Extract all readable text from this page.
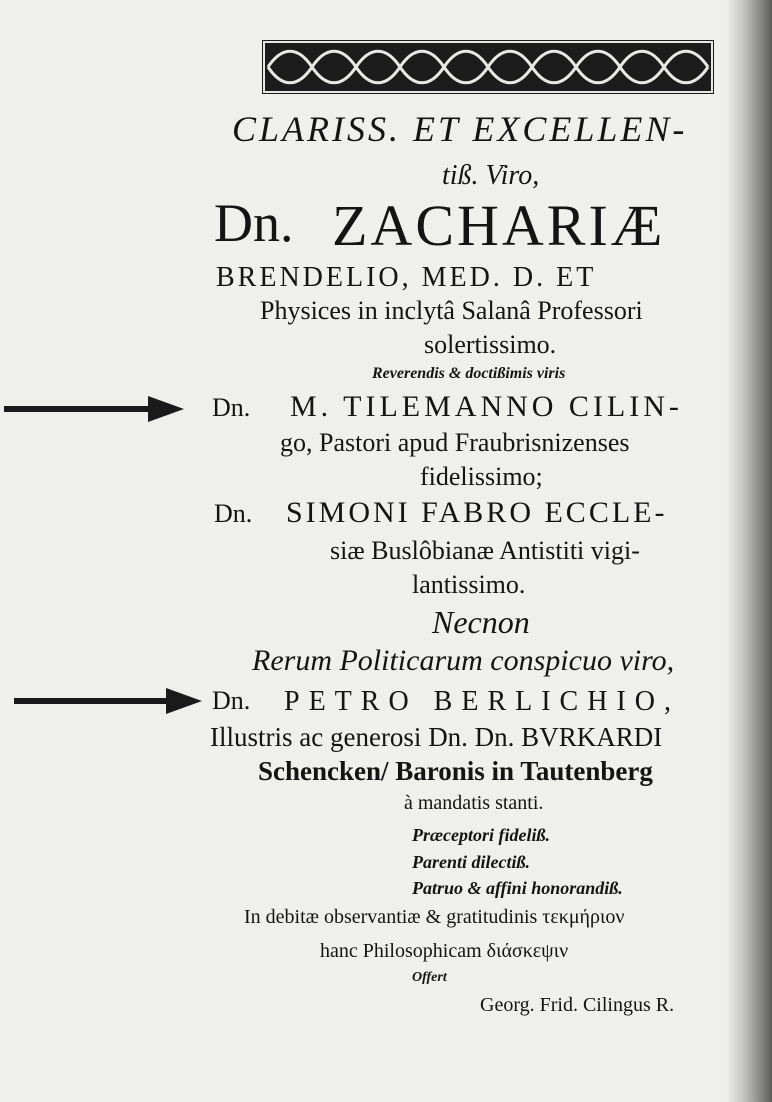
CLARISS. ET EXCELLEN-
tiß. Viro,
Dn. ZACHARIÆ
BRENDELIO, MED. D. ET
Physices in inclytâ Salanâ Professori
solertissimo.
Reverendis & doctißimis viris
Dn. M. TILEMANNO CILIN-
go, Pastori apud Fraubrisnizenses
fidelissimo;
Dn. SIMONI FABRO ECCLE-
siæ Buslôbianæ Antistiti vigi-
lantissimo.
Necnon
Rerum Politicarum conspicuo viro,
Dn. PETRO BERLICHIO,
Illustris ac generosi Dn. Dn. BVRKARDI
Schencken/ Baronis in Tautenberg
à mandatis stanti.
Præceptori fideliß.
Parenti dilectiß.
Patruo & affini honorandiß.
In debitæ observantiæ & gratitudinis τεκμήριον
hanc Philosophicam διάσκεψιν
Offert
Georg. Frid. Cilingus R.
